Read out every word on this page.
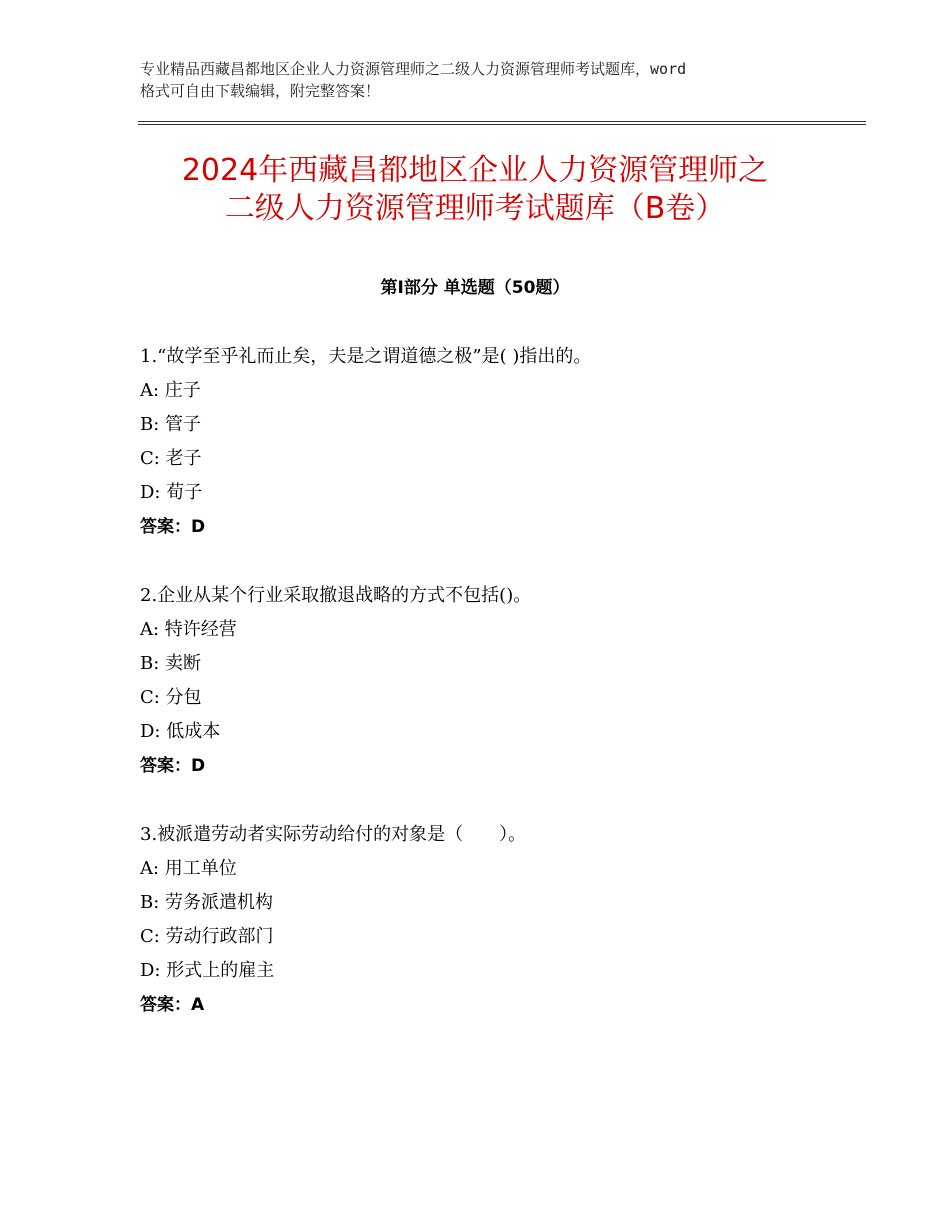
专业精品西藏昌都地区企业人力资源管理师之二级人力资源管理师考试题库，word
格式可自由下载编辑，附完整答案！
2024年西藏昌都地区企业人力资源管理师之
二级人力资源管理师考试题库（B卷）
第Ⅰ部分 单选题（50题）
1.“故学至乎礼而止矣，夫是之谓道德之极”是( )指出的。
A: 庄子
B: 管子
C: 老子
D: 荀子
答案：D
2.企业从某个行业采取撤退战略的方式不包括()。
A: 特许经营
B: 卖断
C: 分包
D: 低成本
答案：D
3.被派遣劳动者实际劳动给付的对象是（　　）。
A: 用工单位
B: 劳务派遣机构
C: 劳动行政部门
D: 形式上的雇主
答案：A
